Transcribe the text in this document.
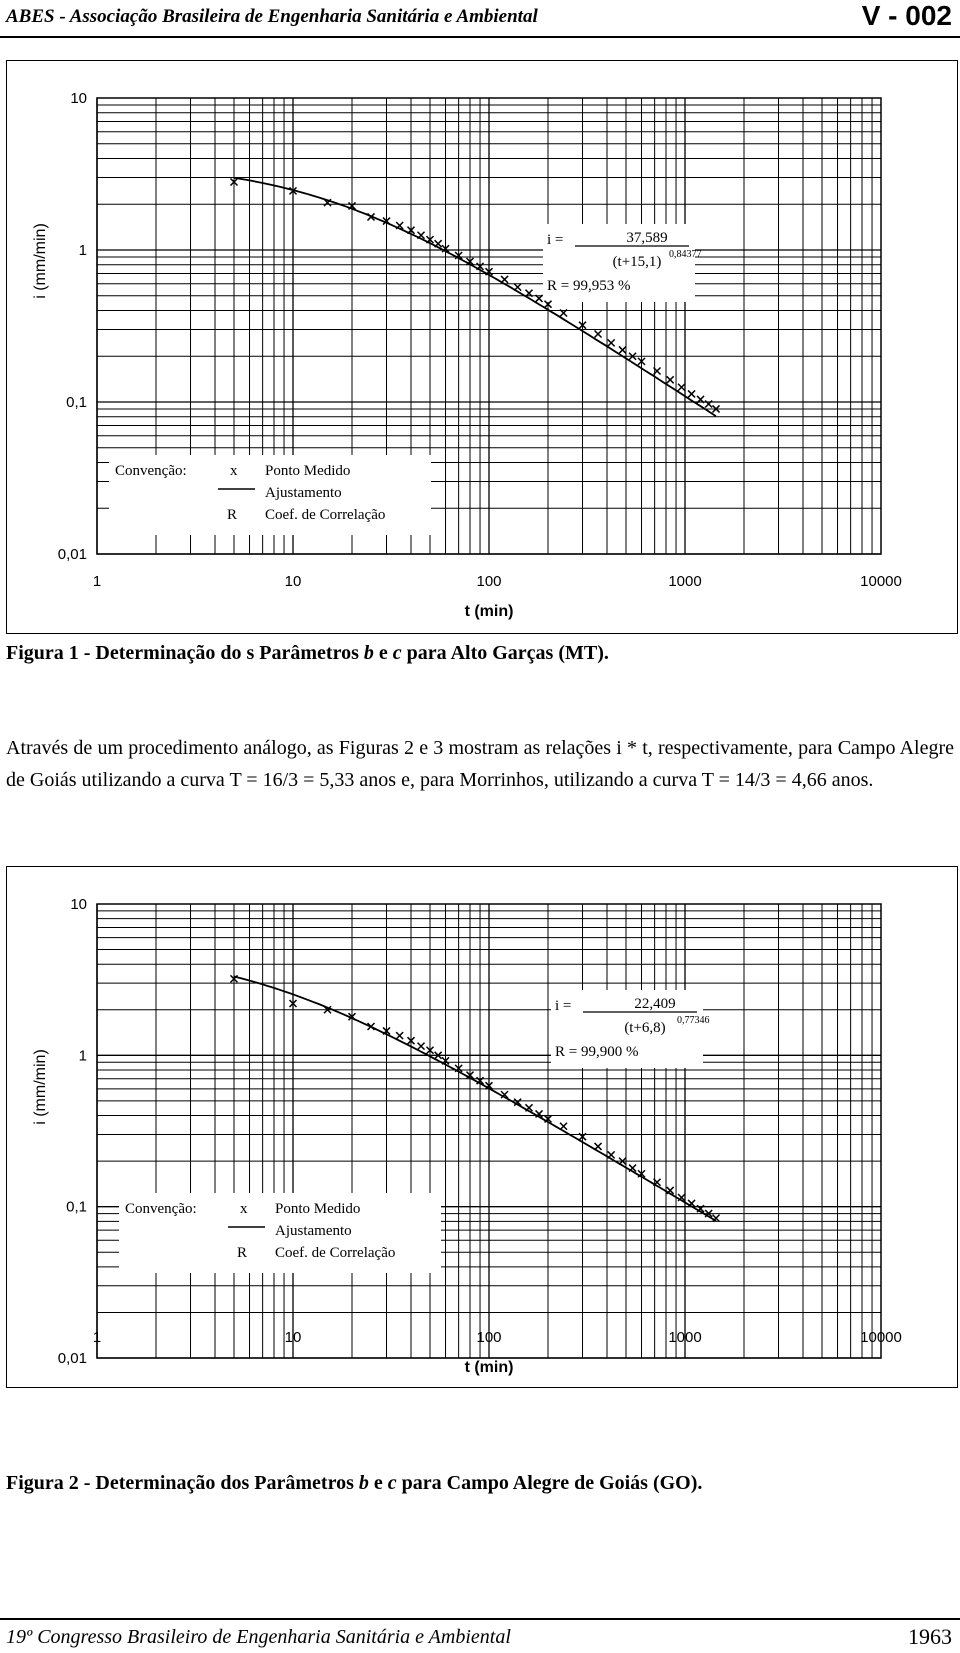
ABES - Associação Brasileira de Engenharia Sanitária e Ambiental	V - 002
i =	37,589
(t+15,1) 0,84377
R = 99,953 %
Convenção:	x Ponto Medido
Ajustamento
R Coef. de Correlação
10
1
0,1
0,01
1	10	100	1000	10000
i (mm/min)
t (min)
Figura 1 - Determinação do s Parâmetros b e c para Alto Garças (MT).
Através de um procedimento análogo, as Figuras 2 e 3 mostram as relações i * t, respectivamente, para Campo Alegre de Goiás utilizando a curva T = 16/3 = 5,33 anos e, para Morrinhos, utilizando a curva T = 14/3 = 4,66 anos.
i =	22,409
(t+6,8) 0,77346
R = 99,900 %
Convenção:	x Ponto Medido
Ajustamento
R Coef. de Correlação
10
1
0,1
0,01
1	10	100	1000	10000
i (mm/min)
t (min)
Figura 2 - Determinação dos Parâmetros b e c para Campo Alegre de Goiás (GO).
19º Congresso Brasileiro de Engenharia Sanitária e Ambiental	1963
